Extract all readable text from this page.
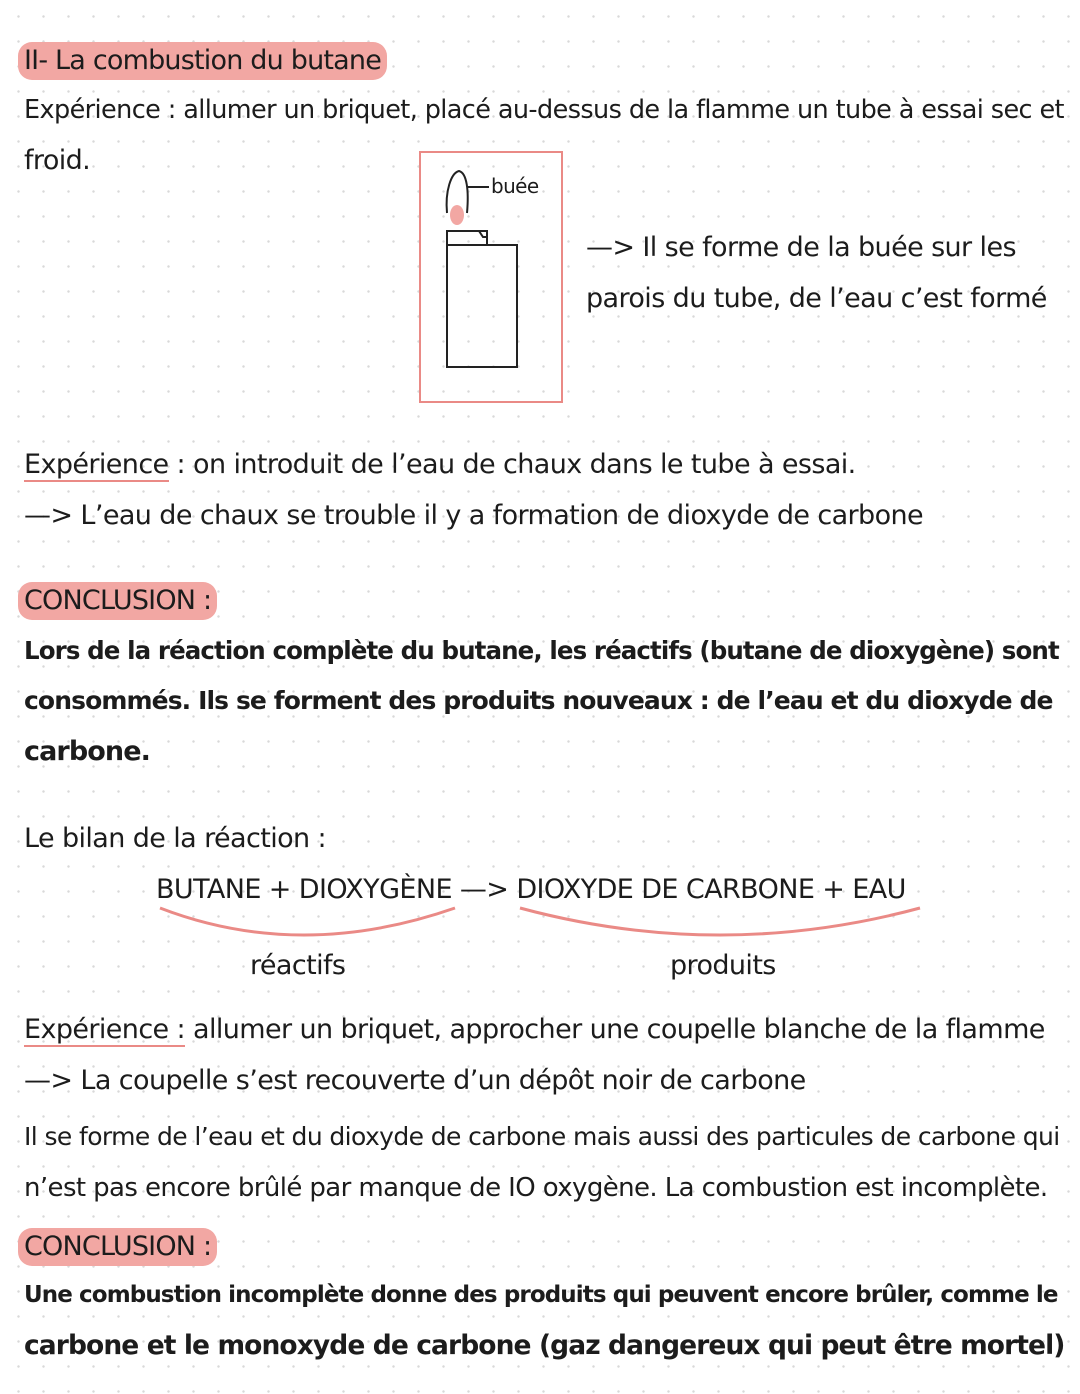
II- La combustion du butane
Expérience : allumer un briquet, placé au-dessus de la flamme un tube à essai sec et
froid.
buée
—> Il se forme de la buée sur les
parois du tube, de l’eau c’est formé
Expérience : on introduit de l’eau de chaux dans le tube à essai.
—> L’eau de chaux se trouble il y a formation de dioxyde de carbone
CONCLUSION :
Lors de la réaction complète du butane, les réactifs (butane de dioxygène) sont
consommés. Ils se forment des produits nouveaux : de l’eau et du dioxyde de
carbone.
Le bilan de la réaction :
BUTANE + DIOXYGÈNE —> DIOXYDE DE CARBONE + EAU
réactifs	produits
Expérience : allumer un briquet, approcher une coupelle blanche de la flamme
—> La coupelle s’est recouverte d’un dépôt noir de carbone
Il se forme de l’eau et du dioxyde de carbone mais aussi des particules de carbone qui
n’est pas encore brûlé par manque de IO oxygène. La combustion est incomplète.
CONCLUSION :
Une combustion incomplète donne des produits qui peuvent encore brûler, comme le
carbone et le monoxyde de carbone (gaz dangereux qui peut être mortel)
